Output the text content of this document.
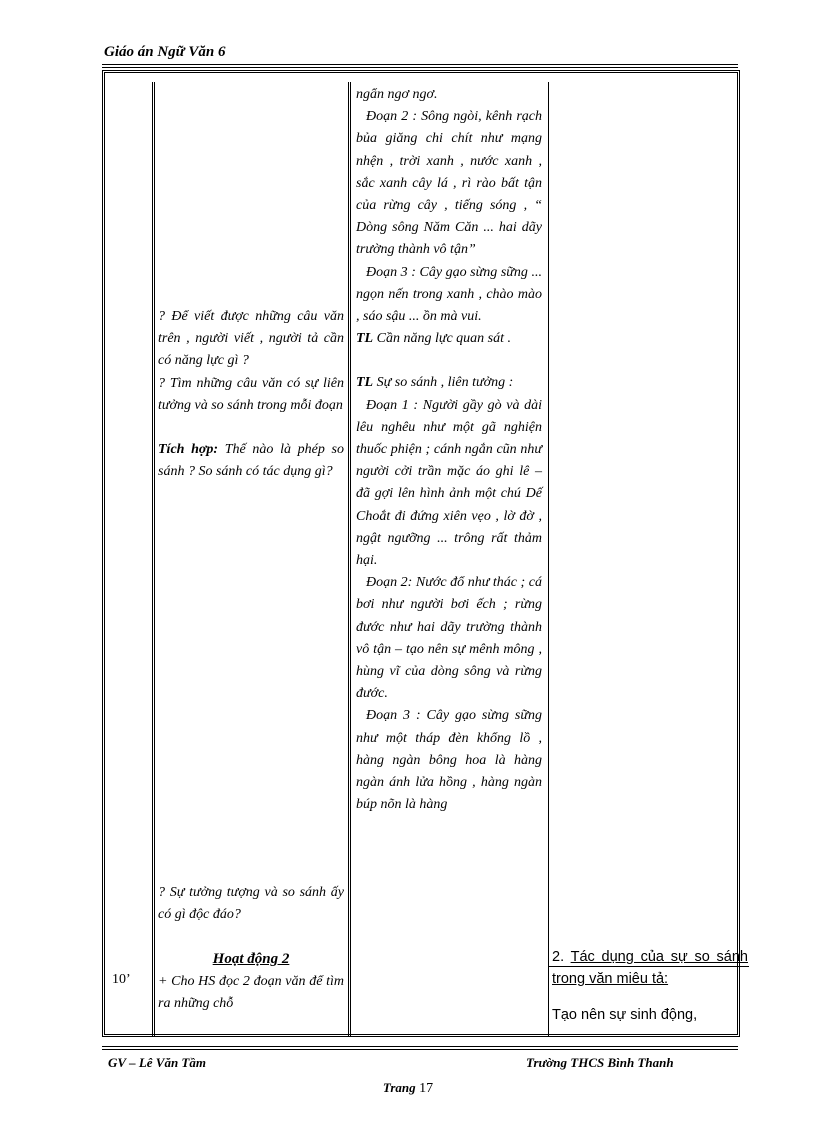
Giáo án Ngữ Văn 6
10’

? Để viết được những câu văn trên , người viết , người tả cần có năng lực gì ?

? Tìm những câu văn có sự liên tưởng và so sánh trong mỗi đoạn

Tích hợp: Thế nào là phép so sánh ? So sánh có tác dụng gì?

? Sự tưởng tượng và so sánh ấy có gì độc đáo?

Hoạt động 2

+ Cho HS đọc 2 đoạn văn để tìm ra những chỗ

ngẩn ngơ ngơ.

Đoạn 2 : Sông ngòi, kênh rạch bủa giăng chi chít như mạng nhện , trời xanh , nước xanh , sắc xanh cây lá , rì rào bất tận của rừng cây , tiếng sóng , “ Dòng sông Năm Căn ... hai dãy trường thành vô tận”

Đoạn 3 : Cây gạo sừng sững ... ngọn nến trong xanh , chào mào , sáo sậu ... ồn mà vui.

TL Cần năng lực quan sát .

TL Sự so sánh , liên tưởng :

Đoạn 1 : Người gầy gò và dài lêu nghêu như một gã nghiện thuốc phiện ; cánh ngắn cũn như người cởi trần mặc áo ghi lê – đã gợi lên hình ảnh một chú Dế Choắt đi đứng xiên vẹo , lờ đờ , ngật ngưỡng ... trông rất thảm hại.

Đoạn 2: Nước đổ như thác ; cá bơi như người bơi ếch ; rừng đước như hai dãy trường thành vô tận – tạo nên sự mênh mông , hùng vĩ của dòng sông và rừng đước.

Đoạn 3 : Cây gạo sừng sững như một tháp đèn khổng lồ , hàng ngàn bông hoa là hàng ngàn ánh lửa hồng , hàng ngàn búp nõn là hàng

2. Tác dụng của sự so sánh trong văn miêu tả:

Tạo nên sự sinh động,

GV – Lê Văn Tầm	Trường THCS Bình Thanh
Trang 17
